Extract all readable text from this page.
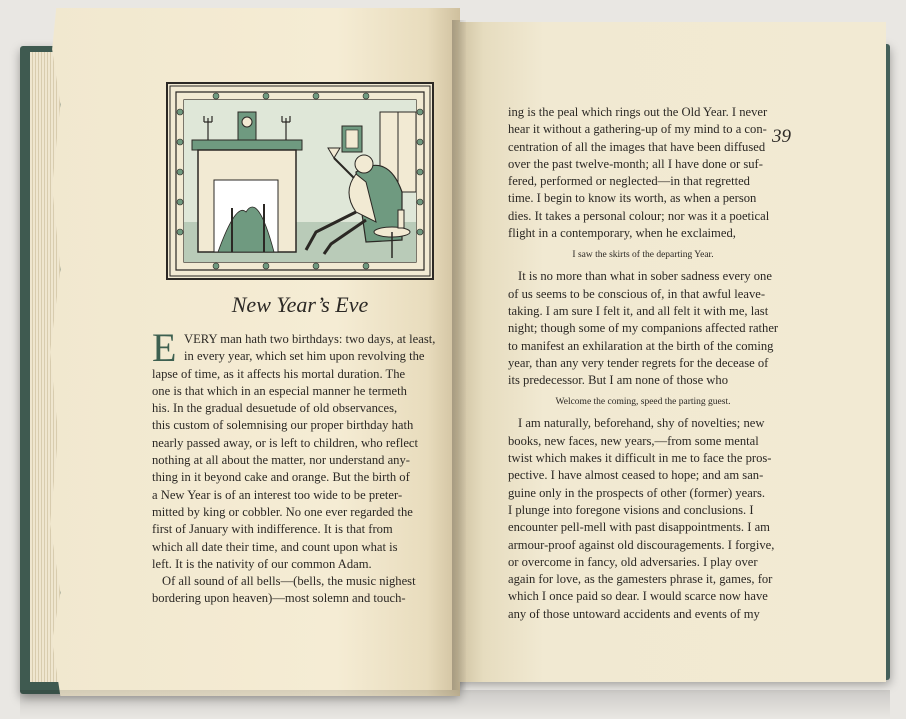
New Year’s Eve
E VERY man hath two birthdays: two days, at least,
in every year, which set him upon revolving the
lapse of time, as it affects his mortal duration. The
one is that which in an especial manner he termeth
his. In the gradual desuetude of old observances,
this custom of solemnising our proper birthday hath
nearly passed away, or is left to children, who reflect
nothing at all about the matter, nor understand any-
thing in it beyond cake and orange. But the birth of
a New Year is of an interest too wide to be preter-
mitted by king or cobbler. No one ever regarded the
first of January with indifference. It is that from
which all date their time, and count upon what is
left. It is the nativity of our common Adam.
Of all sound of all bells—(bells, the music nighest
bordering upon heaven)—most solemn and touch-
39
ing is the peal which rings out the Old Year. I never
hear it without a gathering-up of my mind to a con-
centration of all the images that have been diffused
over the past twelve-month; all I have done or suf-
fered, performed or neglected—in that regretted
time. I begin to know its worth, as when a person
dies. It takes a personal colour; nor was it a poetical
flight in a contemporary, when he exclaimed,
I saw the skirts of the departing Year.
It is no more than what in sober sadness every one
of us seems to be conscious of, in that awful leave-
taking. I am sure I felt it, and all felt it with me, last
night; though some of my companions affected rather
to manifest an exhilaration at the birth of the coming
year, than any very tender regrets for the decease of
its predecessor. But I am none of those who
Welcome the coming, speed the parting guest.
I am naturally, beforehand, shy of novelties; new
books, new faces, new years,—from some mental
twist which makes it difficult in me to face the pros-
pective. I have almost ceased to hope; and am san-
guine only in the prospects of other (former) years.
I plunge into foregone visions and conclusions. I
encounter pell-mell with past disappointments. I am
armour-proof against old discouragements. I forgive,
or overcome in fancy, old adversaries. I play over
again for love, as the gamesters phrase it, games, for
which I once paid so dear. I would scarce now have
any of those untoward accidents and events of my
